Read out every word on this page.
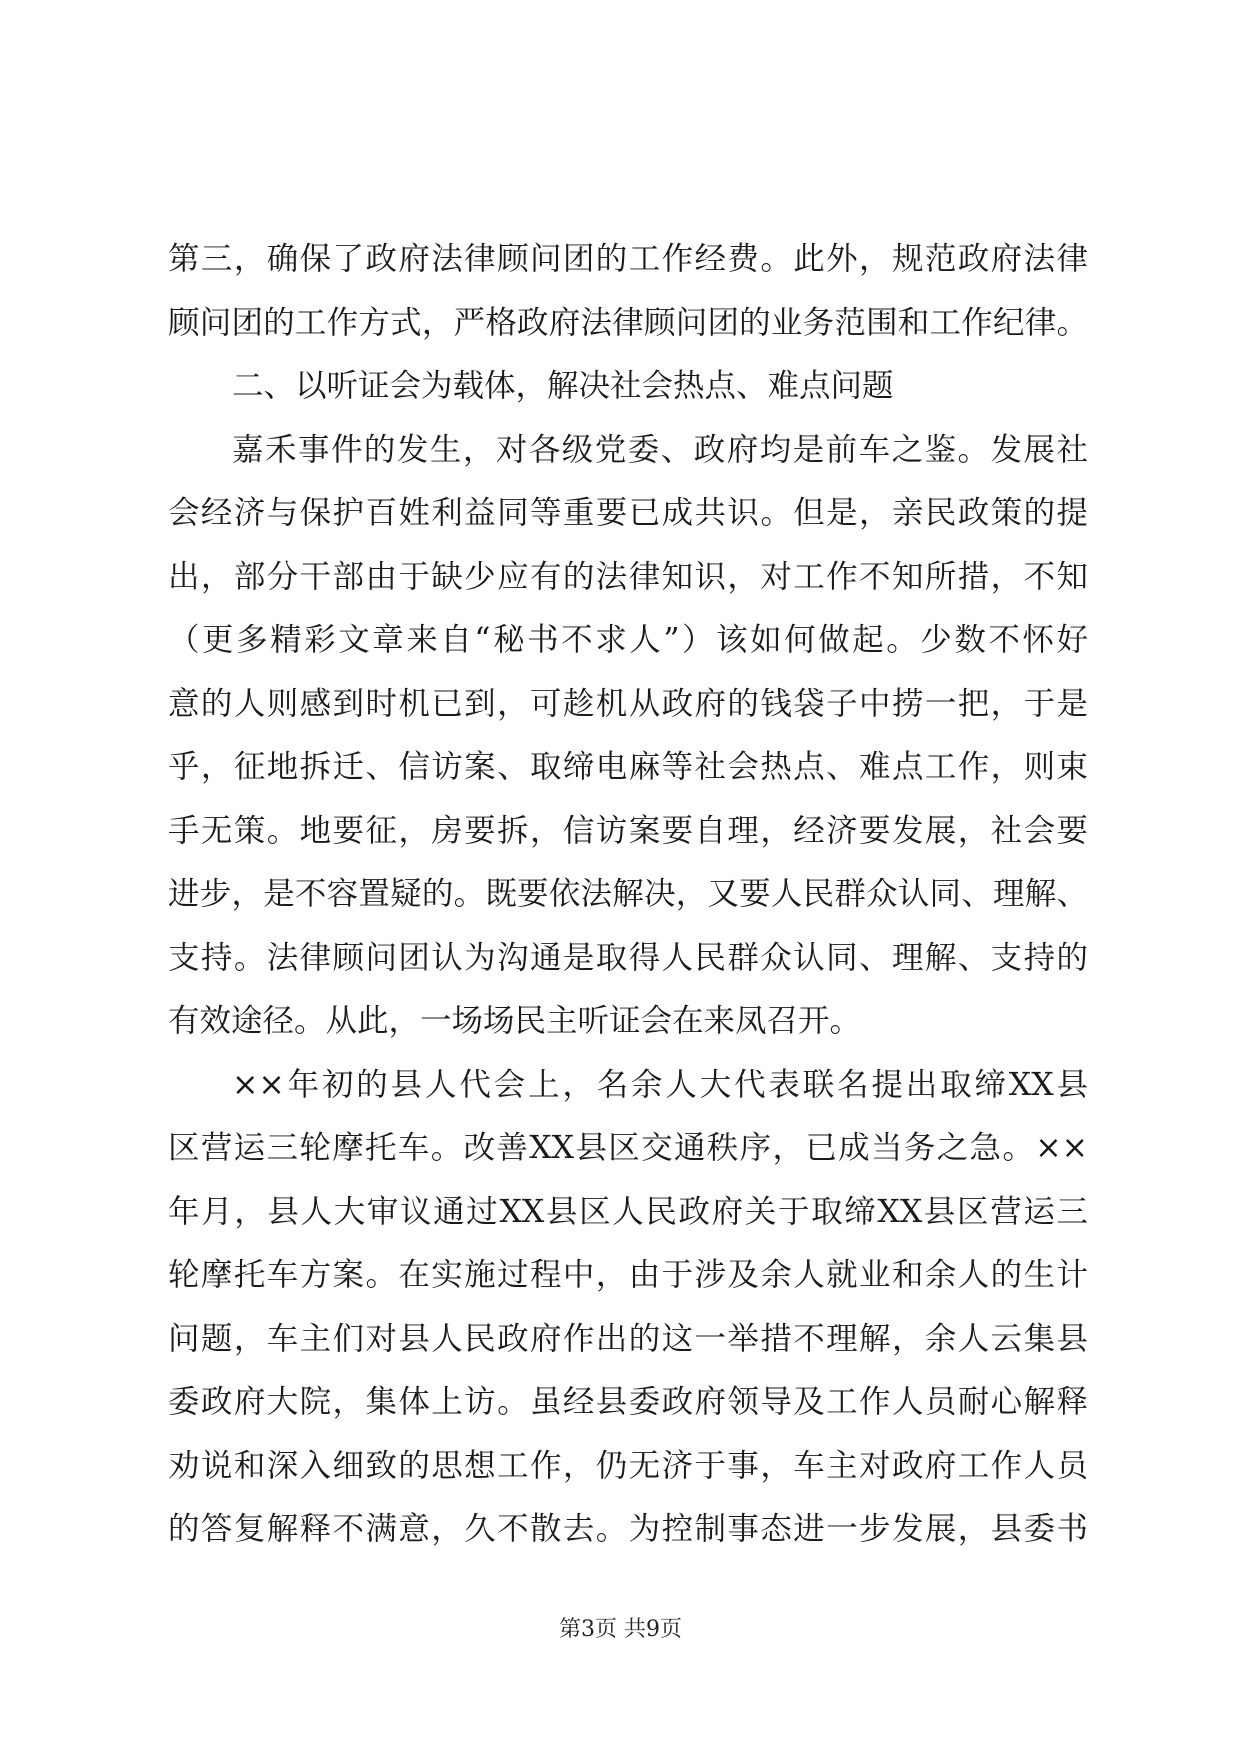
第三，确保了政府法律顾问团的工作经费。此外，规范政府法律
顾问团的工作方式，严格政府法律顾问团的业务范围和工作纪律。
二、以听证会为载体，解决社会热点、难点问题
嘉禾事件的发生，对各级党委、政府均是前车之鉴。发展社
会经济与保护百姓利益同等重要已成共识。但是，亲民政策的提
出，部分干部由于缺少应有的法律知识，对工作不知所措，不知
（更多精彩文章来自“秘书不求人”）该如何做起。少数不怀好
意的人则感到时机已到，可趁机从政府的钱袋子中捞一把，于是
乎，征地拆迁、信访案、取缔电麻等社会热点、难点工作，则束
手无策。地要征，房要拆，信访案要自理，经济要发展，社会要
进步，是不容置疑的。既要依法解决，又要人民群众认同、理解、
支持。法律顾问团认为沟通是取得人民群众认同、理解、支持的
有效途径。从此，一场场民主听证会在来凤召开。
××年初的县人代会上，名余人大代表联名提出取缔XX县
区营运三轮摩托车。改善XX县区交通秩序，已成当务之急。××
年月，县人大审议通过XX县区人民政府关于取缔XX县区营运三
轮摩托车方案。在实施过程中，由于涉及余人就业和余人的生计
问题，车主们对县人民政府作出的这一举措不理解，余人云集县
委政府大院，集体上访。虽经县委政府领导及工作人员耐心解释
劝说和深入细致的思想工作，仍无济于事，车主对政府工作人员
的答复解释不满意，久不散去。为控制事态进一步发展，县委书
第3页 共9页
